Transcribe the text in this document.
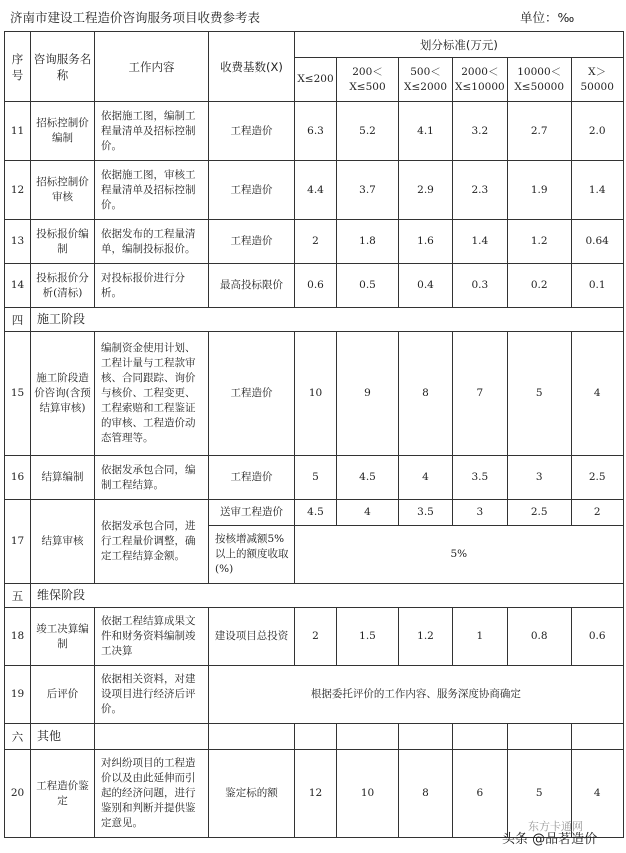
济南市建设工程造价咨询服务项目收费参考表	单位：‰
序号	咨询服务名称	工作内容	收费基数(X)	划分标准(万元)					
				X≤200	200＜X≤500	500＜X≤2000	2000＜X≤10000	10000＜X≤50000	X＞50000
11	招标控制价编制	依据施工图，编制工程量清单及招标控制价。	工程造价	6.3	5.2	4.1	3.2	2.7	2.0
12	招标控制价审核	依据施工图，审核工程量清单及招标控制价。	工程造价	4.4	3.7	2.9	2.3	1.9	1.4
13	投标报价编制	依据发布的工程量清单，编制投标报价。	工程造价	2	1.8	1.6	1.4	1.2	0.64
14	投标报价分析(清标)	对投标报价进行分析。	最高投标限价	0.6	0.5	0.4	0.3	0.2	0.1
四	施工阶段								
15	施工阶段造价咨询(含预结算审核)	编制资金使用计划、工程计量与工程款审核、合同跟踪、询价与核价、工程变更、工程索赔和工程鉴证的审核、工程造价动态管理等。	工程造价	10	9	8	7	5	4
16	结算编制	依据发承包合同，编制工程结算。	工程造价	5	4.5	4	3.5	3	2.5
17	结算审核	依据发承包合同，进行工程量价调整，确定工程结算金额。	送审工程造价	4.5	4	3.5	3	2.5	2
			按核增减额5%以上的额度收取(%)	5%					
五	维保阶段								
18	竣工决算编制	依据工程结算成果文件和财务资料编制竣工决算	建设项目总投资	2	1.5	1.2	1	0.8	0.6
19	后评价	依据相关资料，对建设项目进行经济后评价。	根据委托评价的工作内容、服务深度协商确定						
六	其他								
20	工程造价鉴定	对纠纷项目的工程造价以及由此延伸而引起的经济问题，进行鉴别和判断并提供鉴定意见。	鉴定标的额	12	10	8	6	5	4
东方卡通网
头条 @品茗造价
